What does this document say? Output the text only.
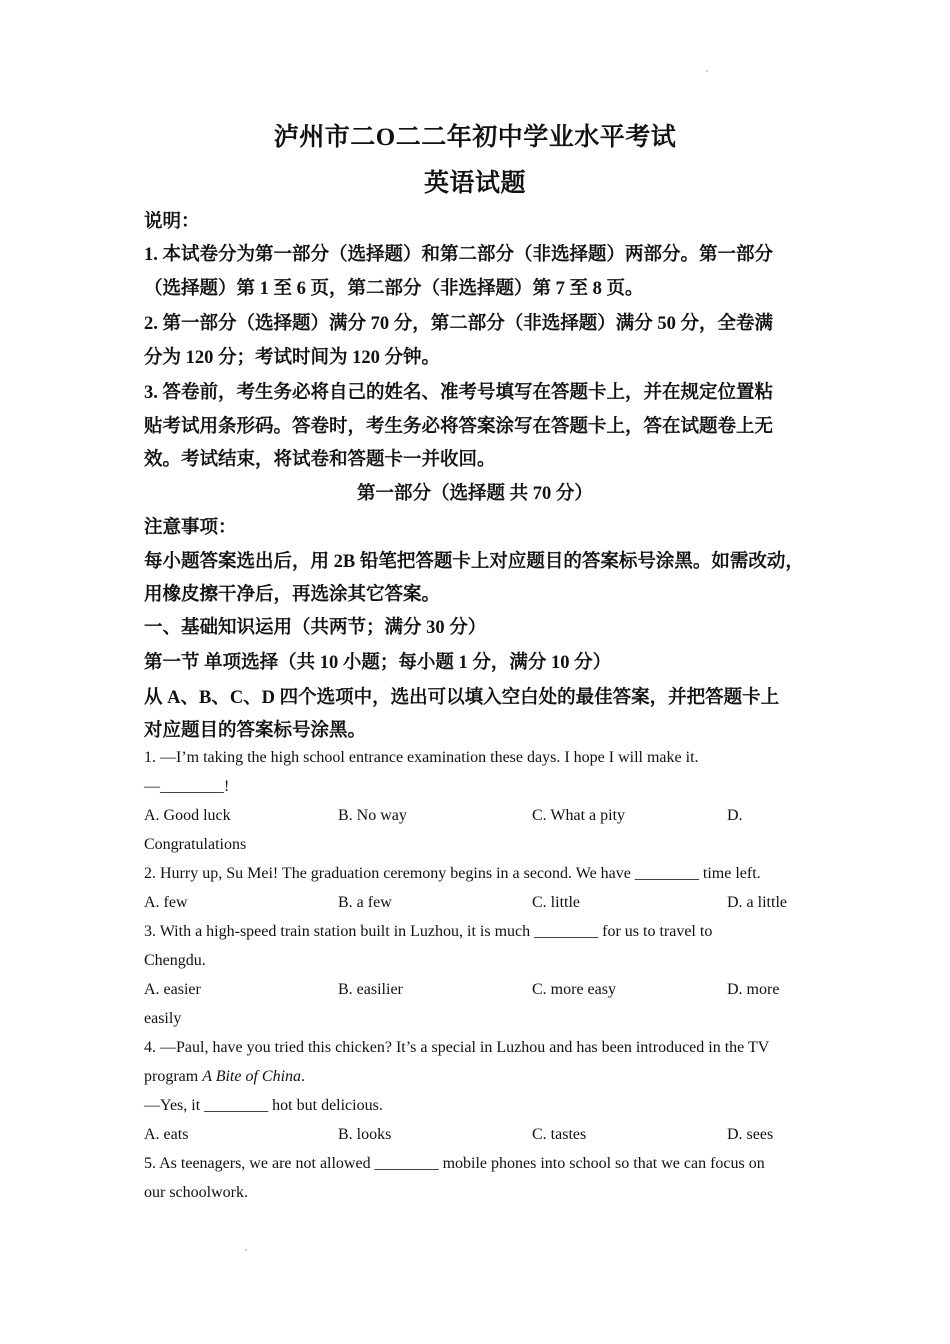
泸州市二O二二年初中学业水平考试
英语试题
说明：
1. 本试卷分为第一部分（选择题）和第二部分（非选择题）两部分。第一部分
（选择题）第 1 至 6 页，第二部分（非选择题）第 7 至 8 页。
2. 第一部分（选择题）满分 70 分，第二部分（非选择题）满分 50 分，全卷满
分为 120 分；考试时间为 120 分钟。
3. 答卷前，考生务必将自己的姓名、准考号填写在答题卡上，并在规定位置粘
贴考试用条形码。答卷时，考生务必将答案涂写在答题卡上，答在试题卷上无
效。考试结束，将试卷和答题卡一并收回。
第一部分（选择题 共 70 分）
注意事项：
每小题答案选出后，用 2B 铅笔把答题卡上对应题目的答案标号涂黑。如需改动，
用橡皮擦干净后，再选涂其它答案。
一、基础知识运用（共两节；满分 30 分）
第一节 单项选择（共 10 小题；每小题 1 分，满分 10 分）
从 A、B、C、D 四个选项中，选出可以填入空白处的最佳答案，并把答题卡上
对应题目的答案标号涂黑。
1. —I’m taking the high school entrance examination these days. I hope I will make it.
—________!
A. Good luck	B. No way	C. What a pity	D.
Congratulations
2. Hurry up, Su Mei! The graduation ceremony begins in a second. We have ________ time left.
A. few	B. a few	C. little	D. a little
3. With a high-speed train station built in Luzhou, it is much ________ for us to travel to
Chengdu.
A. easier	B. easilier	C. more easy	D. more
easily
4. —Paul, have you tried this chicken? It’s a special in Luzhou and has been introduced in the TV
program A Bite of China.
—Yes, it ________ hot but delicious.
A. eats	B. looks	C. tastes	D. sees
5. As teenagers, we are not allowed ________ mobile phones into school so that we can focus on
our schoolwork.
